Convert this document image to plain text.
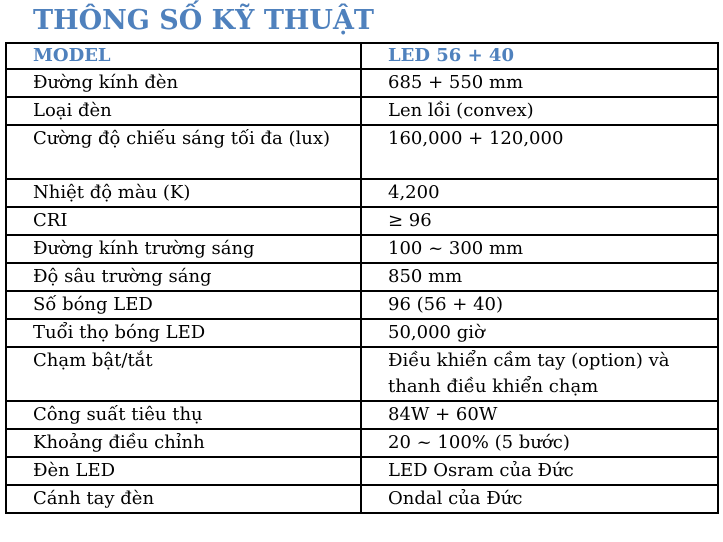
THÔNG SỐ KỸ THUẬT
MODEL	LED 56 + 40
Đường kính đèn	685 + 550 mm
Loại đèn	Len lồi (convex)
Cường độ chiếu sáng tối đa (lux)	160,000 + 120,000
Nhiệt độ màu (K)	4,200
CRI	≥ 96
Đường kính trường sáng	100 ~ 300 mm
Độ sâu trường sáng	850 mm
Số bóng LED	96 (56 + 40)
Tuổi thọ bóng LED	50,000 giờ
Chạm bật/tắt	Điều khiển cầm tay (option) và thanh điều khiển chạm
Công suất tiêu thụ	84W + 60W
Khoảng điều chỉnh	20 ~ 100% (5 bước)
Đèn LED	LED Osram của Đức
Cánh tay đèn	Ondal của Đức
